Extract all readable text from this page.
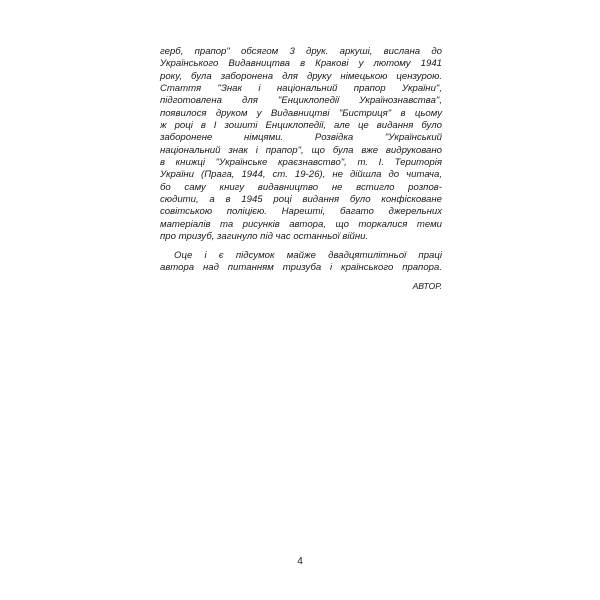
герб, прапор" обсягом 3 друк. аркуші, вислана до
Українського Видавництва в Кракові у лютому 1941
року, була заборонена для друку німецькою цензурою.
Стаття "Знак і національний прапор України",
підготовлена для "Енциклопедії Українознавства",
появилося друком у Видавництві "Бистриця" в цьому
ж році в І зошиті Енциклопедії, але це видання було
заборонене німцями. Розвідка "Український
національний знак і прапор", що була вже видруковано
в книжці "Українське краєзнавство", т. І. Територія
України (Прага, 1944, ст. 19-26), не дійшла до читача,
бо саму книгу видавництво не встигло розпов-
сюдити, а в 1945 році видання було конфісковане
совітською поліцією. Нарешті, багато джерельних
матеріалів та рисунків автора, що торкалися теми
про тризуб, загинуло під час останньої війни.
Оце і є підсумок майже двадцятилітньої праці
автора над питанням тризуба і країнського прапора.
АВТОР.
4
